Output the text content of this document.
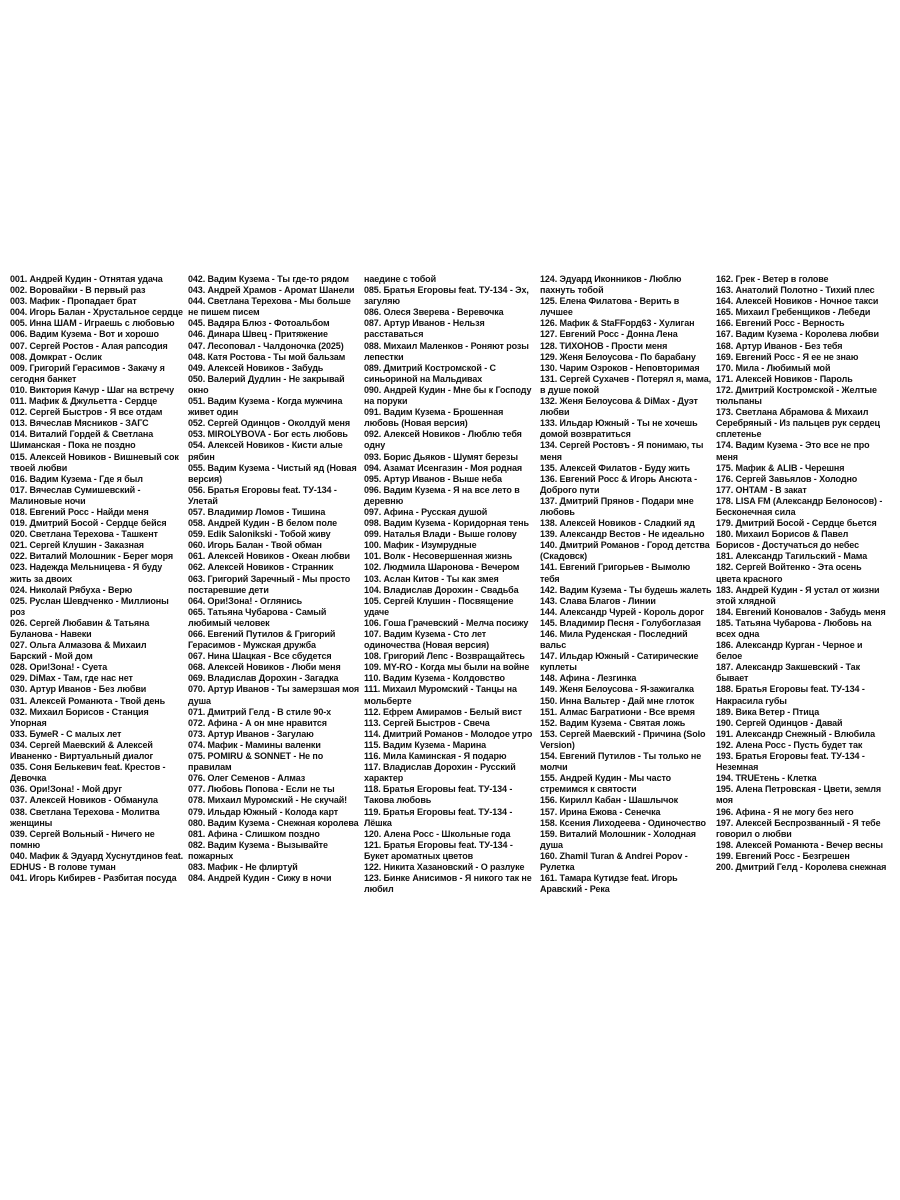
001. Андрей Кудин - Отнятая удача
002. Воровайки - В первый раз
003. Мафик - Пропадает брат
004. Игорь Балан - Хрустальное сердце
005. Инна ШАМ - Играешь с любовью
006. Вадим Кузема - Вот и хорошо
007. Сергей Ростов - Алая рапсодия
008. Домкрат - Ослик
009. Григорий Герасимов - Закачу я сегодня банкет
010. Виктория Качур - Шаг на встречу
011. Мафик & Джульетта - Сердце
012. Сергей Быстров - Я все отдам
013. Вячеслав Мясников - ЗАГС
014. Виталий Гордей & Светлана Шиманская - Пока не поздно
015. Алексей Новиков - Вишневый сок твоей любви
016. Вадим Кузема - Где я был
017. Вячеслав Сумишевский - Малиновые ночи
018. Евгений Росс - Найди меня
019. Дмитрий Босой - Сердце бейся
020. Светлана Терехова - Ташкент
021. Сергей Клушин - Заказная
022. Виталий Молошник - Берег моря
023. Надежда Мельницева - Я буду жить за двоих
024. Николай Рябуха - Верю
025. Руслан Шевдченко - Миллионы роз
026. Сергей Любавин & Татьяна Буланова - Навеки
027. Ольга Алмазова & Михаил Барский - Мой дом
028. Ори!Зона! - Суета
029. DiMax - Там, где нас нет
030. Артур Иванов - Без любви
031. Алексей Романюта - Твой день
032. Михаил Борисов - Станция Упорная
033. БумеR - С малых лет
034. Сергей Маевский & Алексей Иваненко - Виртуальный диалог
035. Соня Белькевич feat. Крестов - Девочка
036. Ори!Зона! - Мой друг
037. Алексей Новиков - Обманула
038. Светлана Терехова - Молитва женщины
039. Сергей Вольный - Ничего не помню
040. Мафик & Эдуард Хуснутдинов feat. EDHUS - В голове туман
041. Игорь Кибирев - Разбитая посуда
042. Вадим Кузема - Ты где-то рядом
043. Андрей Храмов - Аромат Шанели
044. Светлана Терехова - Мы больше не пишем писем
045. Вадяра Блюз - Фотоальбом
046. Динара Швец - Притяжение
047. Лесоповал - Чалдоночка (2025)
048. Катя Ростова - Ты мой бальзам
049. Алексей Новиков - Забудь
050. Валерий Дудлин - Не закрывай окно
051. Вадим Кузема - Когда мужчина живет один
052. Сергей Одинцов - Околдуй меня
053. MIROLYBOVA - Бог есть любовь
054. Алексей Новиков - Кисти алые рябин
055. Вадим Кузема - Чистый яд (Новая версия)
056. Братья Егоровы feat. ТУ-134 - Улетай
057. Владимир Ломов - Тишина
058. Андрей Кудин - В белом поле
059. Edik Salonikski - Тобой живу
060. Игорь Балан - Твой обман
061. Алексей Новиков - Океан любви
062. Алексей Новиков - Странник
063. Григорий Заречный - Мы просто постаревшие дети
064. Ори!Зона! - Оглянись
065. Татьяна Чубарова - Самый любимый человек
066. Евгений Путилов & Григорий Герасимов - Мужская дружба
067. Нина Шацкая - Все сбудется
068. Алексей Новиков - Люби меня
069. Владислав Дорохин - Загадка
070. Артур Иванов - Ты замерзшая моя душа
071. Дмитрий Гелд - В стиле 90-х
072. Афина - А он мне нравится
073. Артур Иванов - Загулаю
074. Мафик - Мамины валенки
075. POMIRU & SONNET - Не по правилам
076. Олег Семенов - Алмаз
077. Любовь Попова - Если не ты
078. Михаил Муромский - Не скучай!
079. Ильдар Южный - Колода карт
080. Вадим Кузема - Снежная королева
081. Афина - Слишком поздно
082. Вадим Кузема - Вызывайте пожарных
083. Мафик - Не флиртуй
084. Андрей Кудин - Сижу в ночи
наедине с тобой
085. Братья Егоровы feat. ТУ-134 - Эх, загуляю
086. Олеся Зверева - Веревочка
087. Артур Иванов - Нельзя расставаться
088. Михаил Маленков - Роняют розы лепестки
089. Дмитрий Костромской - С синьориной на Мальдивах
090. Андрей Кудин - Мне бы к Господу на поруки
091. Вадим Кузема - Брошенная любовь (Новая версия)
092. Алексей Новиков - Люблю тебя одну
093. Борис Дьяков - Шумят березы
094. Азамат Исенгазин - Моя родная
095. Артур Иванов - Выше неба
096. Вадим Кузема - Я на все лето в деревню
097. Афина - Русская душой
098. Вадим Кузема - Коридорная тень
099. Наталья Влади - Выше голову
100. Мафик - Изумрудные
101. Волк - Несовершенная жизнь
102. Людмила Шаронова - Вечером
103. Аслан Китов - Ты как змея
104. Владислав Дорохин - Свадьба
105. Сергей Клушин - Посвящение удаче
106. Гоша Грачевский - Мелча посижу
107. Вадим Кузема - Сто лет одиночества (Новая версия)
108. Григорий Лепс - Возвращайтесь
109. MY-RO - Когда мы были на войне
110. Вадим Кузема - Колдовство
111. Михаил Муромский - Танцы на мольберте
112. Ефрем Амирамов - Белый вист
113. Сергей Быстров - Свеча
114. Дмитрий Романов - Молодое утро
115. Вадим Кузема - Марина
116. Мила Каминская - Я подарю
117. Владислав Дорохин - Русский характер
118. Братья Егоровы feat. ТУ-134 - Такова любовь
119. Братья Егоровы feat. ТУ-134 - Лёшка
120. Алена Росс - Школьные года
121. Братья Егоровы feat. ТУ-134 - Букет ароматных цветов
122. Никита Хазановский - О разлуке
123. Бинке Анисимов - Я никого так не любил
124. Эдуард Иконников - Люблю пахнуть тобой
125. Елена Филатова - Верить в лучшее
126. Мафик & StaFFорд63 - Хулиган
127. Евгений Росс - Донна Лена
128. ТИХОНОВ - Прости меня
129. Женя Белоусова - По барабану
130. Чарим Озроков - Неповторимая
131. Сергей Сухачев - Потерял я, мама, в душе покой
132. Женя Белоусова & DiMax - Дуэт любви
133. Ильдар Южный - Ты не хочешь домой возвратиться
134. Сергей Ростовъ - Я понимаю, ты меня
135. Алексей Филатов - Буду жить
136. Евгений Росс & Игорь Ансюта - Доброго пути
137. Дмитрий Прянов - Подари мне любовь
138. Алексей Новиков - Сладкий яд
139. Александр Вестов - Не идеально
140. Дмитрий Романов - Город детства (Скадовск)
141. Евгений Григорьев - Вымолю тебя
142. Вадим Кузема - Ты будешь жалеть
143. Слава Благов - Линии
144. Александр Чурей - Король дорог
145. Владимир Песня - Голубоглазая
146. Мила Руденская - Последний вальс
147. Ильдар Южный - Сатирические куплеты
148. Афина - Лезгинка
149. Женя Белоусова - Я-зажигалка
150. Инна Вальтер - Дай мне глоток
151. Алмас Багратиони - Все время
152. Вадим Кузема - Святая ложь
153. Сергей Маевский - Причина (Solo Version)
154. Евгений Путилов - Ты только не молчи
155. Андрей Кудин - Мы часто стремимся к святости
156. Кирилл Кабан - Шашлычок
157. Ирина Ежова - Сенечка
158. Ксения Лиходеева - Одиночество
159. Виталий Молошник - Холодная душа
160. Zhamil Turan & Andrei Popov - Рулетка
161. Тамара Кутидзе feat. Игорь Аравский - Река
162. Грек - Ветер в голове
163. Анатолий Полотно - Тихий плес
164. Алексей Новиков - Ночное такси
165. Михаил Гребенщиков - Лебеди
166. Евгений Росс - Верность
167. Вадим Кузема - Королева любви
168. Артур Иванов - Без тебя
169. Евгений Росс - Я ее не знаю
170. Мила - Любимый мой
171. Алексей Новиков - Пароль
172. Дмитрий Костромской - Желтые тюльпаны
173. Светлана Абрамова & Михаил Серебряный - Из пальцев рук сердец сплетенье
174. Вадим Кузема - Это все не про меня
175. Мафик & ALIB - Черешня
176. Сергей Завьялов - Холодно
177. ОНТАМ - В закат
178. LISA FM (Александр Белоносов) - Бесконечная сила
179. Дмитрий Босой - Сердце бьется
180. Михаил Борисов & Павел Борисов - Достучаться до небес
181. Александр Тагильский - Мама
182. Сергей Войтенко - Эта осень цвета красного
183. Андрей Кудин - Я устал от жизни этой хлядной
184. Евгений Коновалов - Забудь меня
185. Татьяна Чубарова - Любовь на всех одна
186. Александр Курган - Черное и белое
187. Александр Закшевский - Так бывает
188. Братья Егоровы feat. ТУ-134 - Накрасила губы
189. Вика Ветер - Птица
190. Сергей Одинцов - Давай
191. Александр Снежный - Влюбила
192. Алена Росс - Пусть будет так
193. Братья Егоровы feat. ТУ-134 - Неземная
194. TRUEтень - Клетка
195. Алена Петровская - Цвети, земля моя
196. Афина - Я не могу без него
197. Алексей Беспрозванный - Я тебе говорил о любви
198. Алексей Романюта - Вечер весны
199. Евгений Росс - Безгрешен
200. Дмитрий Гелд - Королева снежная
